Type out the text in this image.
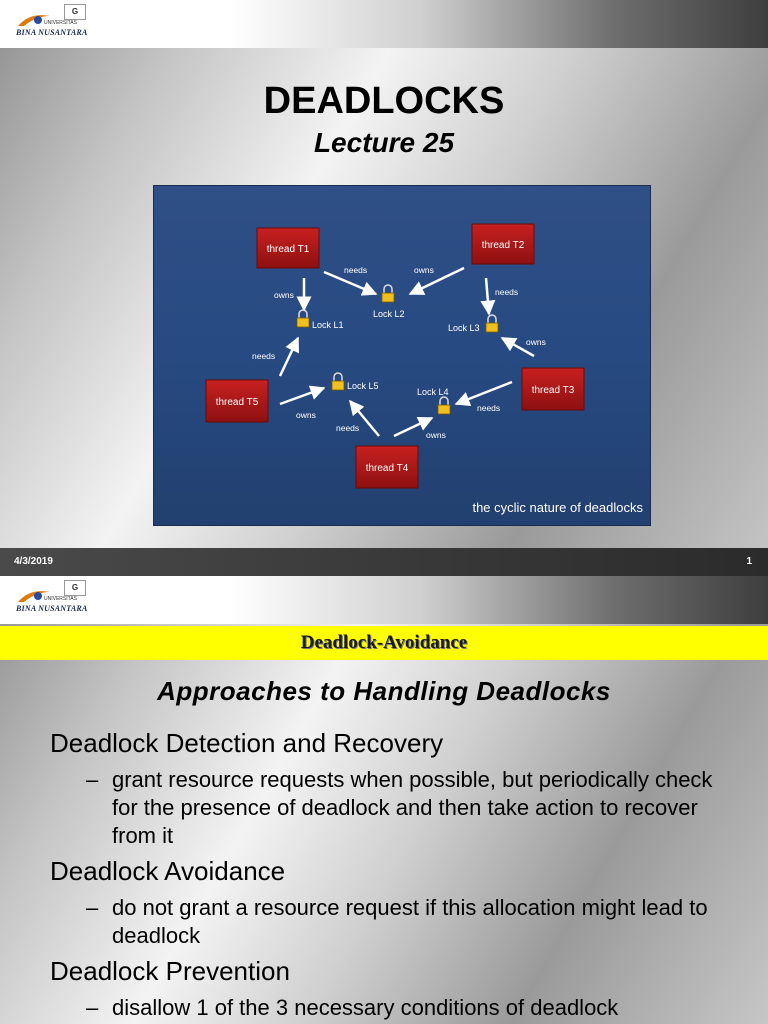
UNIVERSITAS
BINA NUSANTARA
G
DEADLOCKS
Lecture 25
thread T1	thread T2
thread T3
thread T4
thread T5
Lock L1
Lock L2
Lock L3
Lock L4
Lock L5
needs	owns
owns	needs
owns
needs
owns
needs
owns
needs
the cyclic nature of deadlocks
4/3/2019	1
UNIVERSITAS
BINA NUSANTARA
G
Deadlock-Avoidance
Approaches to Handling Deadlocks
Deadlock Detection and Recovery
– grant resource requests when possible, but periodically check for the presence of deadlock and then take action to recover from it
Deadlock Avoidance
– do not grant a resource request if this allocation might lead to deadlock
Deadlock Prevention
– disallow 1 of the 3 necessary conditions of deadlock
